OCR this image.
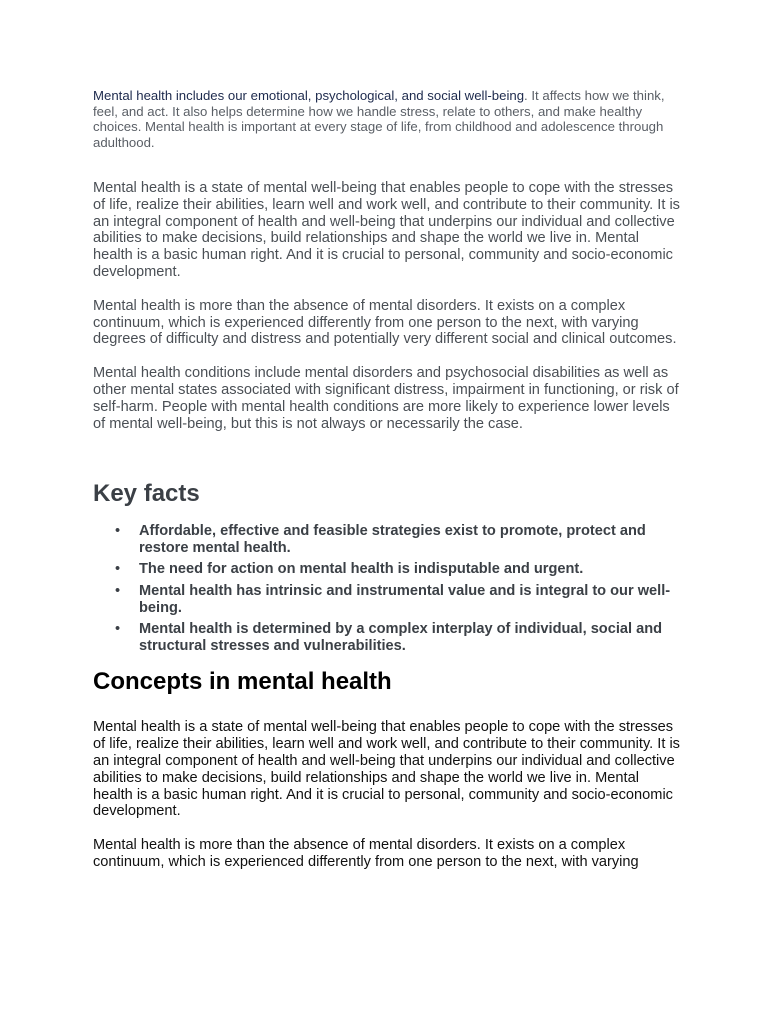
Mental health includes our emotional, psychological, and social well-being. It affects how we think, feel, and act. It also helps determine how we handle stress, relate to others, and make healthy choices. Mental health is important at every stage of life, from childhood and adolescence through adulthood.

Mental health is a state of mental well-being that enables people to cope with the stresses of life, realize their abilities, learn well and work well, and contribute to their community. It is an integral component of health and well-being that underpins our individual and collective abilities to make decisions, build relationships and shape the world we live in. Mental health is a basic human right. And it is crucial to personal, community and socio-economic development.

Mental health is more than the absence of mental disorders. It exists on a complex continuum, which is experienced differently from one person to the next, with varying degrees of difficulty and distress and potentially very different social and clinical outcomes.

Mental health conditions include mental disorders and psychosocial disabilities as well as other mental states associated with significant distress, impairment in functioning, or risk of self-harm. People with mental health conditions are more likely to experience lower levels of mental well-being, but this is not always or necessarily the case.

Key facts
• Affordable, effective and feasible strategies exist to promote, protect and restore mental health.
• The need for action on mental health is indisputable and urgent.
• Mental health has intrinsic and instrumental value and is integral to our well-being.
• Mental health is determined by a complex interplay of individual, social and structural stresses and vulnerabilities.
Concepts in mental health

Mental health is a state of mental well-being that enables people to cope with the stresses of life, realize their abilities, learn well and work well, and contribute to their community. It is an integral component of health and well-being that underpins our individual and collective abilities to make decisions, build relationships and shape the world we live in. Mental health is a basic human right. And it is crucial to personal, community and socio-economic development.

Mental health is more than the absence of mental disorders. It exists on a complex continuum, which is experienced differently from one person to the next, with varying
